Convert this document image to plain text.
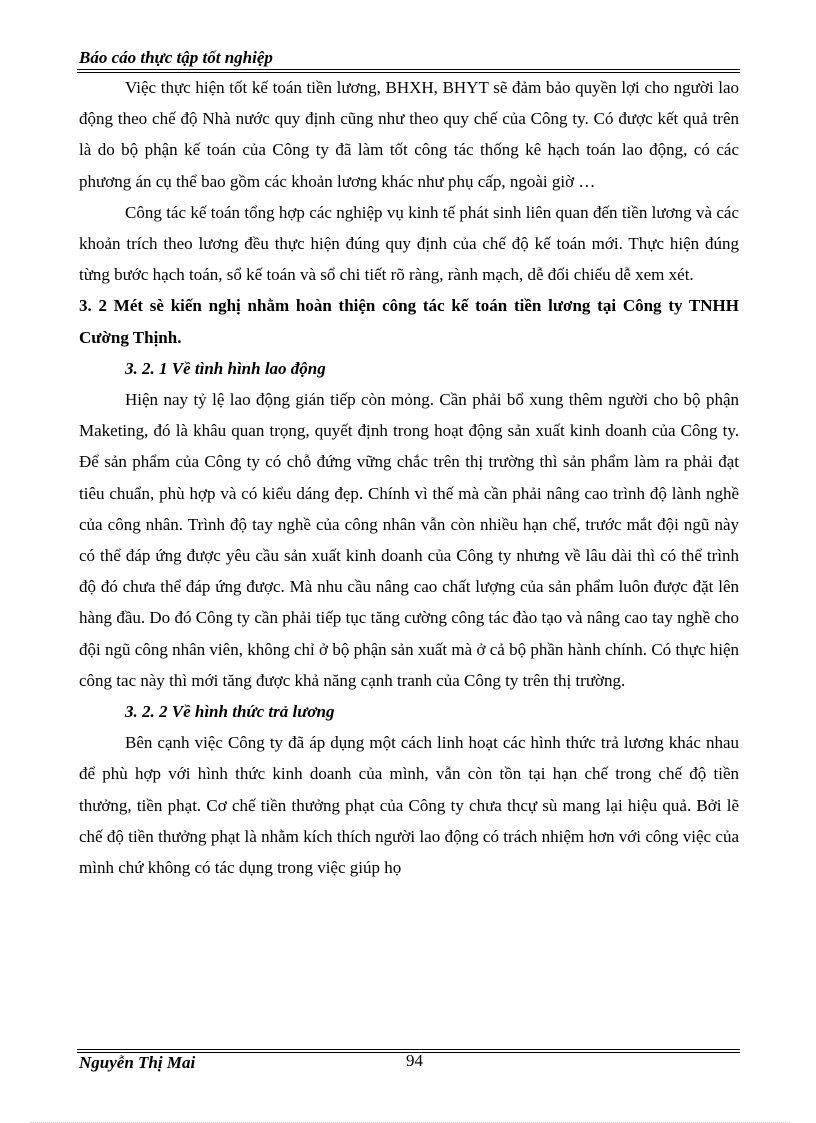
Báo cáo thực tập tốt nghiệp

Việc thực hiện tốt kế toán tiền lương, BHXH, BHYT sẽ đảm bảo quyền lợi cho người lao động theo chế độ Nhà nước quy định cũng như theo quy chế của Công ty. Có được kết quả trên là do bộ phận kế toán của Công ty đã làm tốt công tác thống kê hạch toán lao động, có các phương án cụ thể bao gồm các khoản lương khác như phụ cấp, ngoài giờ …

Công tác kế toán tổng hợp các nghiệp vụ kinh tế phát sinh liên quan đến tiền lương và các khoản trích theo lương đều thực hiện đúng quy định của chế độ kế toán mới. Thực hiện đúng từng bước hạch toán, sổ kế toán và sổ chi tiết rõ ràng, rành mạch, dễ đối chiếu dễ xem xét.

3. 2 Mét sè kiến nghị nhằm hoàn thiện công tác kế toán tiền lương tại Công ty TNHH Cường Thịnh.

3. 2. 1 Về tình hình lao động

Hiện nay tỷ lệ lao động gián tiếp còn mỏng. Cần phải bổ xung thêm người cho bộ phận Maketing, đó là khâu quan trọng, quyết định trong hoạt động sản xuất kinh doanh của Công ty. Để sản phẩm của Công ty có chỗ đứng vững chắc trên thị trường thì sản phẩm làm ra phải đạt tiêu chuẩn, phù hợp và có kiểu dáng đẹp. Chính vì thế mà cần phải nâng cao trình độ lành nghề của công nhân. Trình độ tay nghề của công nhân vẫn còn nhiều hạn chế, trước mắt đội ngũ này có thể đáp ứng được yêu cầu sản xuất kinh doanh của Công ty nhưng về lâu dài thì có thể trình độ đó chưa thể đáp ứng được. Mà nhu cầu nâng cao chất lượng của sản phẩm luôn được đặt lên hàng đầu. Do đó Công ty cần phải tiếp tục tăng cường công tác đào tạo và nâng cao tay nghề cho đội ngũ công nhân viên, không chỉ ở bộ phận sản xuất mà ở cả bộ phần hành chính. Có thực hiện công tac này thì mới tăng được khả năng cạnh tranh của Công ty trên thị trường.

3. 2. 2 Về hình thức trả lương

Bên cạnh việc Công ty đã áp dụng một cách linh hoạt các hình thức trả lương khác nhau để phù hợp với hình thức kinh doanh của mình, vẫn còn tồn tại hạn chế trong chế độ tiền thưởng, tiền phạt. Cơ chế tiền thưởng phạt của Công ty chưa thcự sù mang lại hiệu quả. Bởi lẽ chế độ tiền thưởng phạt là nhằm kích thích người lao động có trách nhiệm hơn với công việc của mình chứ không có tác dụng trong việc giúp họ

Nguyễn Thị Mai	94
